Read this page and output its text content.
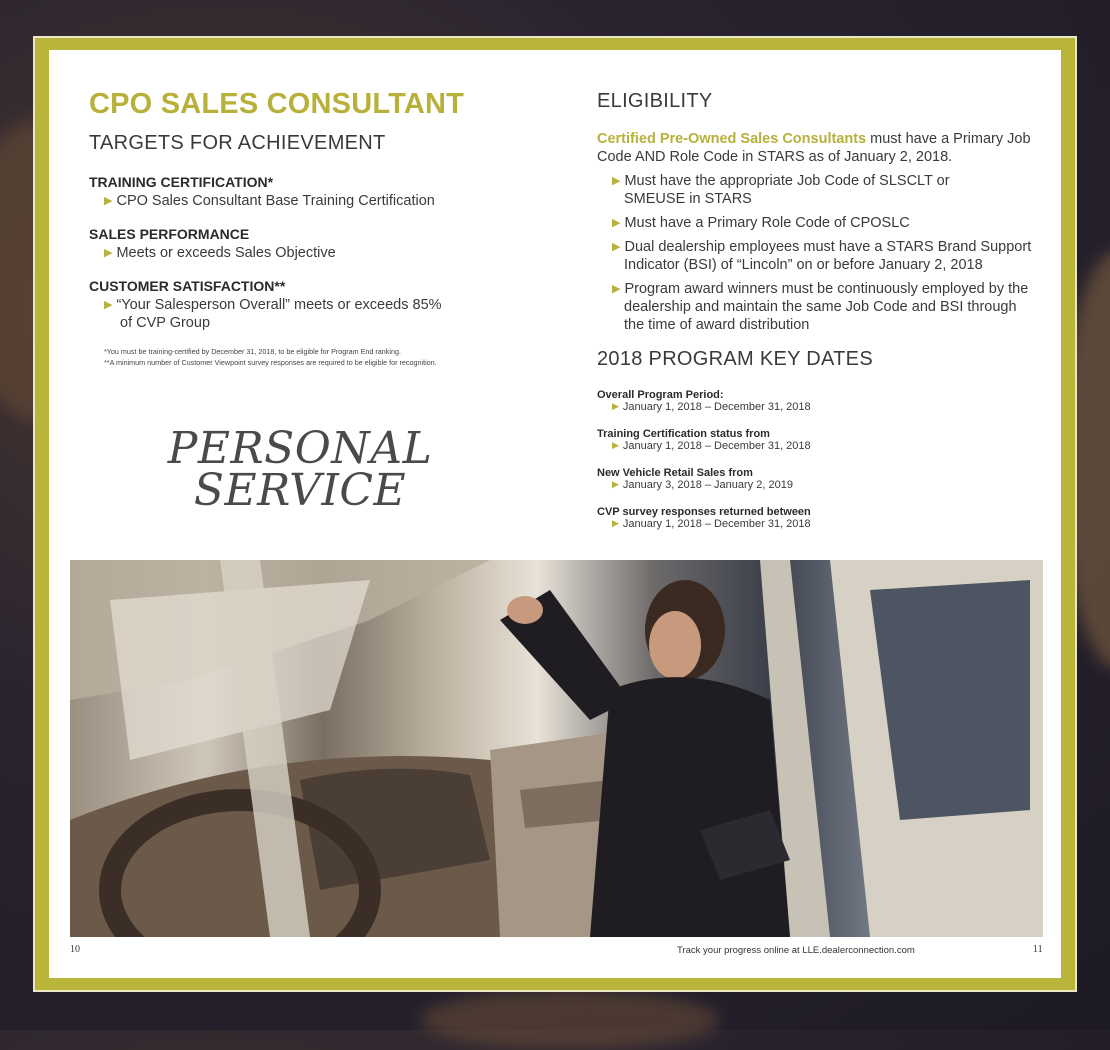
CPO SALES CONSULTANT
TARGETS FOR ACHIEVEMENT
TRAINING CERTIFICATION*
▶ CPO Sales Consultant Base Training Certification
SALES PERFORMANCE
▶ Meets or exceeds Sales Objective
CUSTOMER SATISFACTION**
▶ “Your Salesperson Overall” meets or exceeds 85%
of CVP Group
*You must be training-certified by December 31, 2018, to be eligible for Program End ranking.
**A minimum number of Customer Viewpoint survey responses are required to be eligible for recognition.
PERSONAL
SERVICE
ELIGIBILITY
Certified Pre-Owned Sales Consultants must have a Primary Job
Code AND Role Code in STARS as of January 2, 2018.
▶ Must have the appropriate Job Code of SLSCLT or
SMEUSE in STARS
▶ Must have a Primary Role Code of CPOSLC
▶ Dual dealership employees must have a STARS Brand Support
Indicator (BSI) of “Lincoln” on or before January 2, 2018
▶ Program award winners must be continuously employed by the
dealership and maintain the same Job Code and BSI through
the time of award distribution
2018 PROGRAM KEY DATES
Overall Program Period:
▶ January 1, 2018 – December 31, 2018
Training Certification status from
▶ January 1, 2018 – December 31, 2018
New Vehicle Retail Sales from
▶ January 3, 2018 – January 2, 2019
CVP survey responses returned between
▶ January 1, 2018 – December 31, 2018
10	Track your progress online at LLE.dealerconnection.com	11
